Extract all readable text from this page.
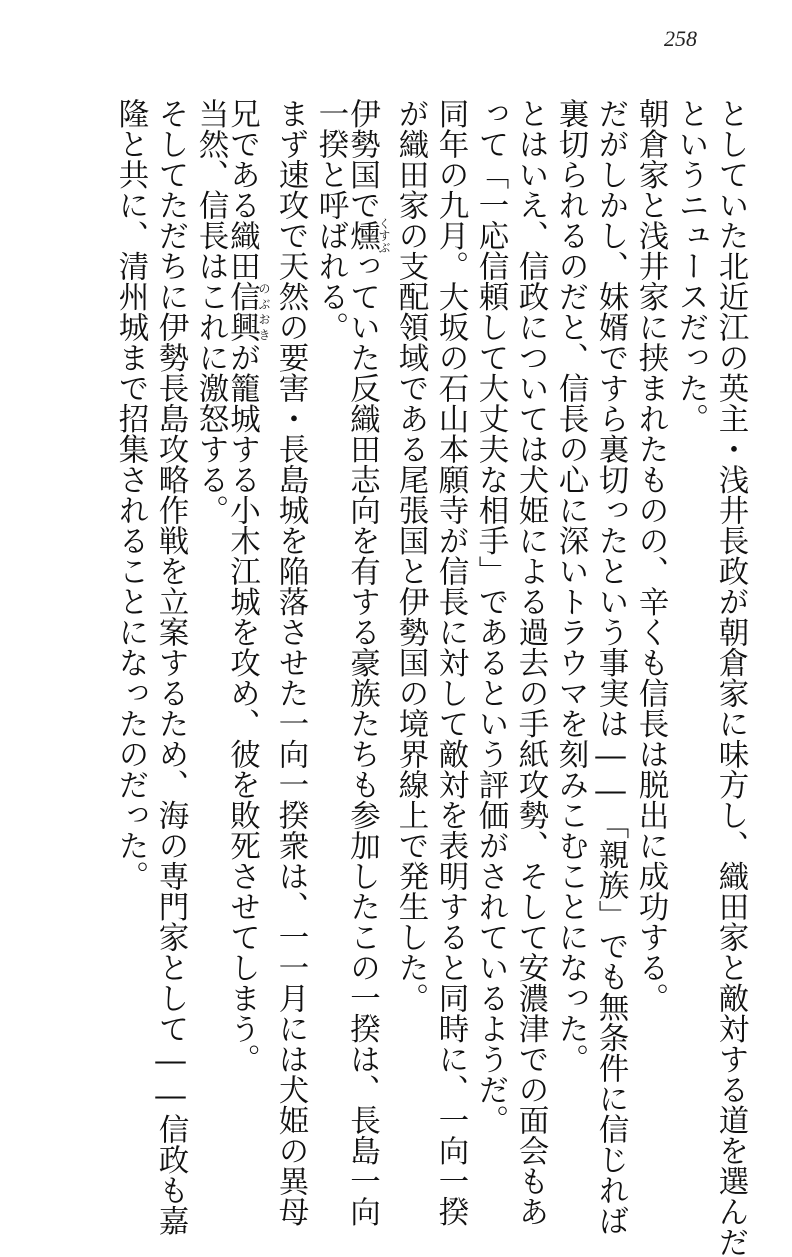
258
としていた北近江の英主・浅井長政が朝倉家に味方し、織田家と敵対する道を選んだ
というニュースだった。
朝倉家と浅井家に挟まれたものの、辛くも信長は脱出に成功する。
だがしかし、妹婿ですら裏切ったという事実は――「親族」でも無条件に信じれば
裏切られるのだと、信長の心に深いトラウマを刻みこむことになった。
とはいえ、信政については犬姫による過去の手紙攻勢、そして安濃津での面会もあ
って「一応信頼して大丈夫な相手」であるという評価がされているようだ。
同年の九月。大坂の石山本願寺が信長に対して敵対を表明すると同時に、一向一揆
が織田家の支配領域である尾張国と伊勢国の境界線上で発生した。
伊勢国で燻くすぶっていた反織田志向を有する豪族たちも参加したこの一揆は、長島一向
一揆と呼ばれる。
まず速攻で天然の要害・長島城を陥落させた一向一揆衆は、一一月には犬姫の異母
兄である織田信興のぶおきが籠城する小木江城を攻め、彼を敗死させてしまう。
当然、信長はこれに激怒する。
そしてただちに伊勢長島攻略作戦を立案するため、海の専門家として――信政も嘉
隆と共に、清州城まで招集されることになったのだった。
